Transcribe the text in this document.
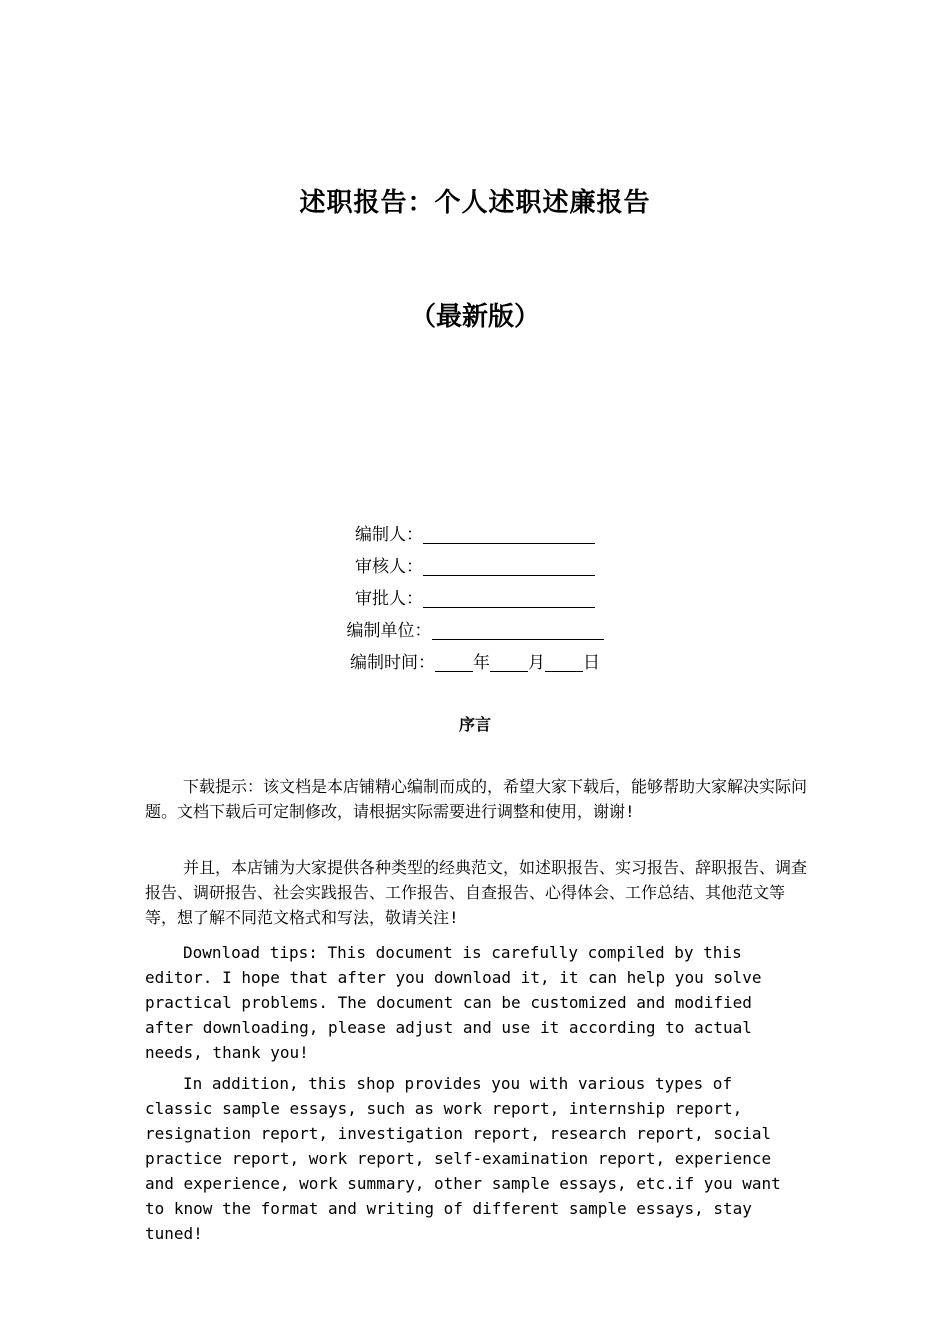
述职报告：个人述职述廉报告
（最新版）
编制人：
审核人：
审批人：
编制单位：
编制时间： 年 月 日
序言

下载提示：该文档是本店铺精心编制而成的，希望大家下载后，能够帮助大家解决实际问题。文档下载后可定制修改，请根据实际需要进行调整和使用，谢谢!

并且，本店铺为大家提供各种类型的经典范文，如述职报告、实习报告、辞职报告、调查报告、调研报告、社会实践报告、工作报告、自查报告、心得体会、工作总结、其他范文等等，想了解不同范文格式和写法，敬请关注!

Download tips: This document is carefully compiled by this editor. I hope that after you download it, it can help you solve practical problems. The document can be customized and modified after downloading, please adjust and use it according to actual needs, thank you!

In addition, this shop provides you with various types of classic sample essays, such as work report, internship report, resignation report, investigation report, research report, social practice report, work report, self-examination report, experience and experience, work summary, other sample essays, etc.if you want to know the format and writing of different sample essays, stay tuned!
